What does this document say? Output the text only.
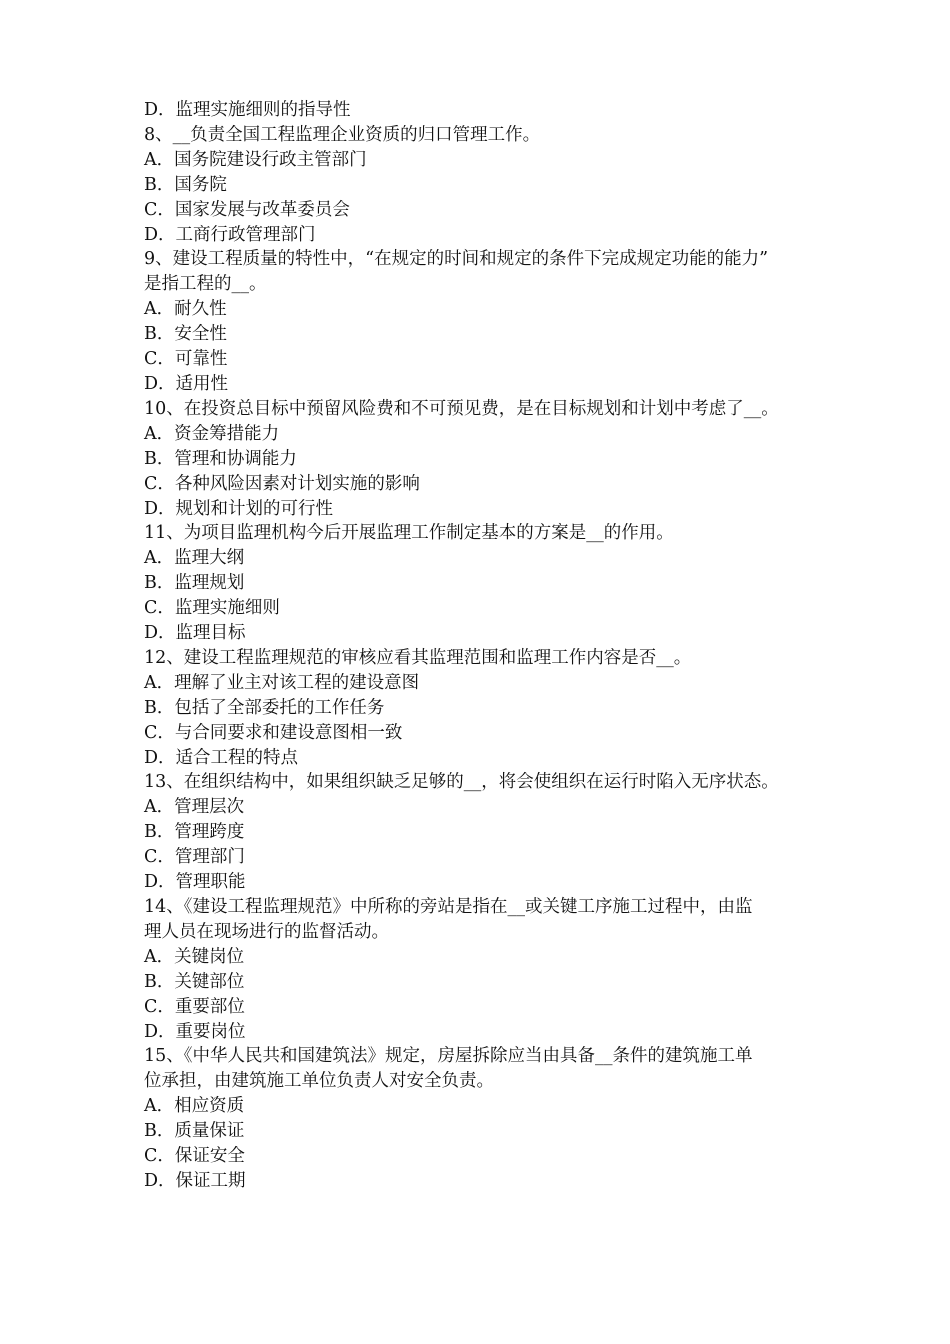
D．监理实施细则的指导性
8、__负责全国工程监理企业资质的归口管理工作。
A．国务院建设行政主管部门
B．国务院
C．国家发展与改革委员会
D．工商行政管理部门
9、建设工程质量的特性中，“在规定的时间和规定的条件下完成规定功能的能力”
是指工程的__。
A．耐久性
B．安全性
C．可靠性
D．适用性
10、在投资总目标中预留风险费和不可预见费，是在目标规划和计划中考虑了__。
A．资金筹措能力
B．管理和协调能力
C．各种风险因素对计划实施的影响
D．规划和计划的可行性
11、为项目监理机构今后开展监理工作制定基本的方案是__的作用。
A．监理大纲
B．监理规划
C．监理实施细则
D．监理目标
12、建设工程监理规范的审核应看其监理范围和监理工作内容是否__。
A．理解了业主对该工程的建设意图
B．包括了全部委托的工作任务
C．与合同要求和建设意图相一致
D．适合工程的特点
13、在组织结构中，如果组织缺乏足够的__，将会使组织在运行时陷入无序状态。
A．管理层次
B．管理跨度
C．管理部门
D．管理职能
14、《建设工程监理规范》中所称的旁站是指在__或关键工序施工过程中，由监
理人员在现场进行的监督活动。
A．关键岗位
B．关键部位
C．重要部位
D．重要岗位
15、《中华人民共和国建筑法》规定，房屋拆除应当由具备__条件的建筑施工单
位承担，由建筑施工单位负责人对安全负责。
A．相应资质
B．质量保证
C．保证安全
D．保证工期
